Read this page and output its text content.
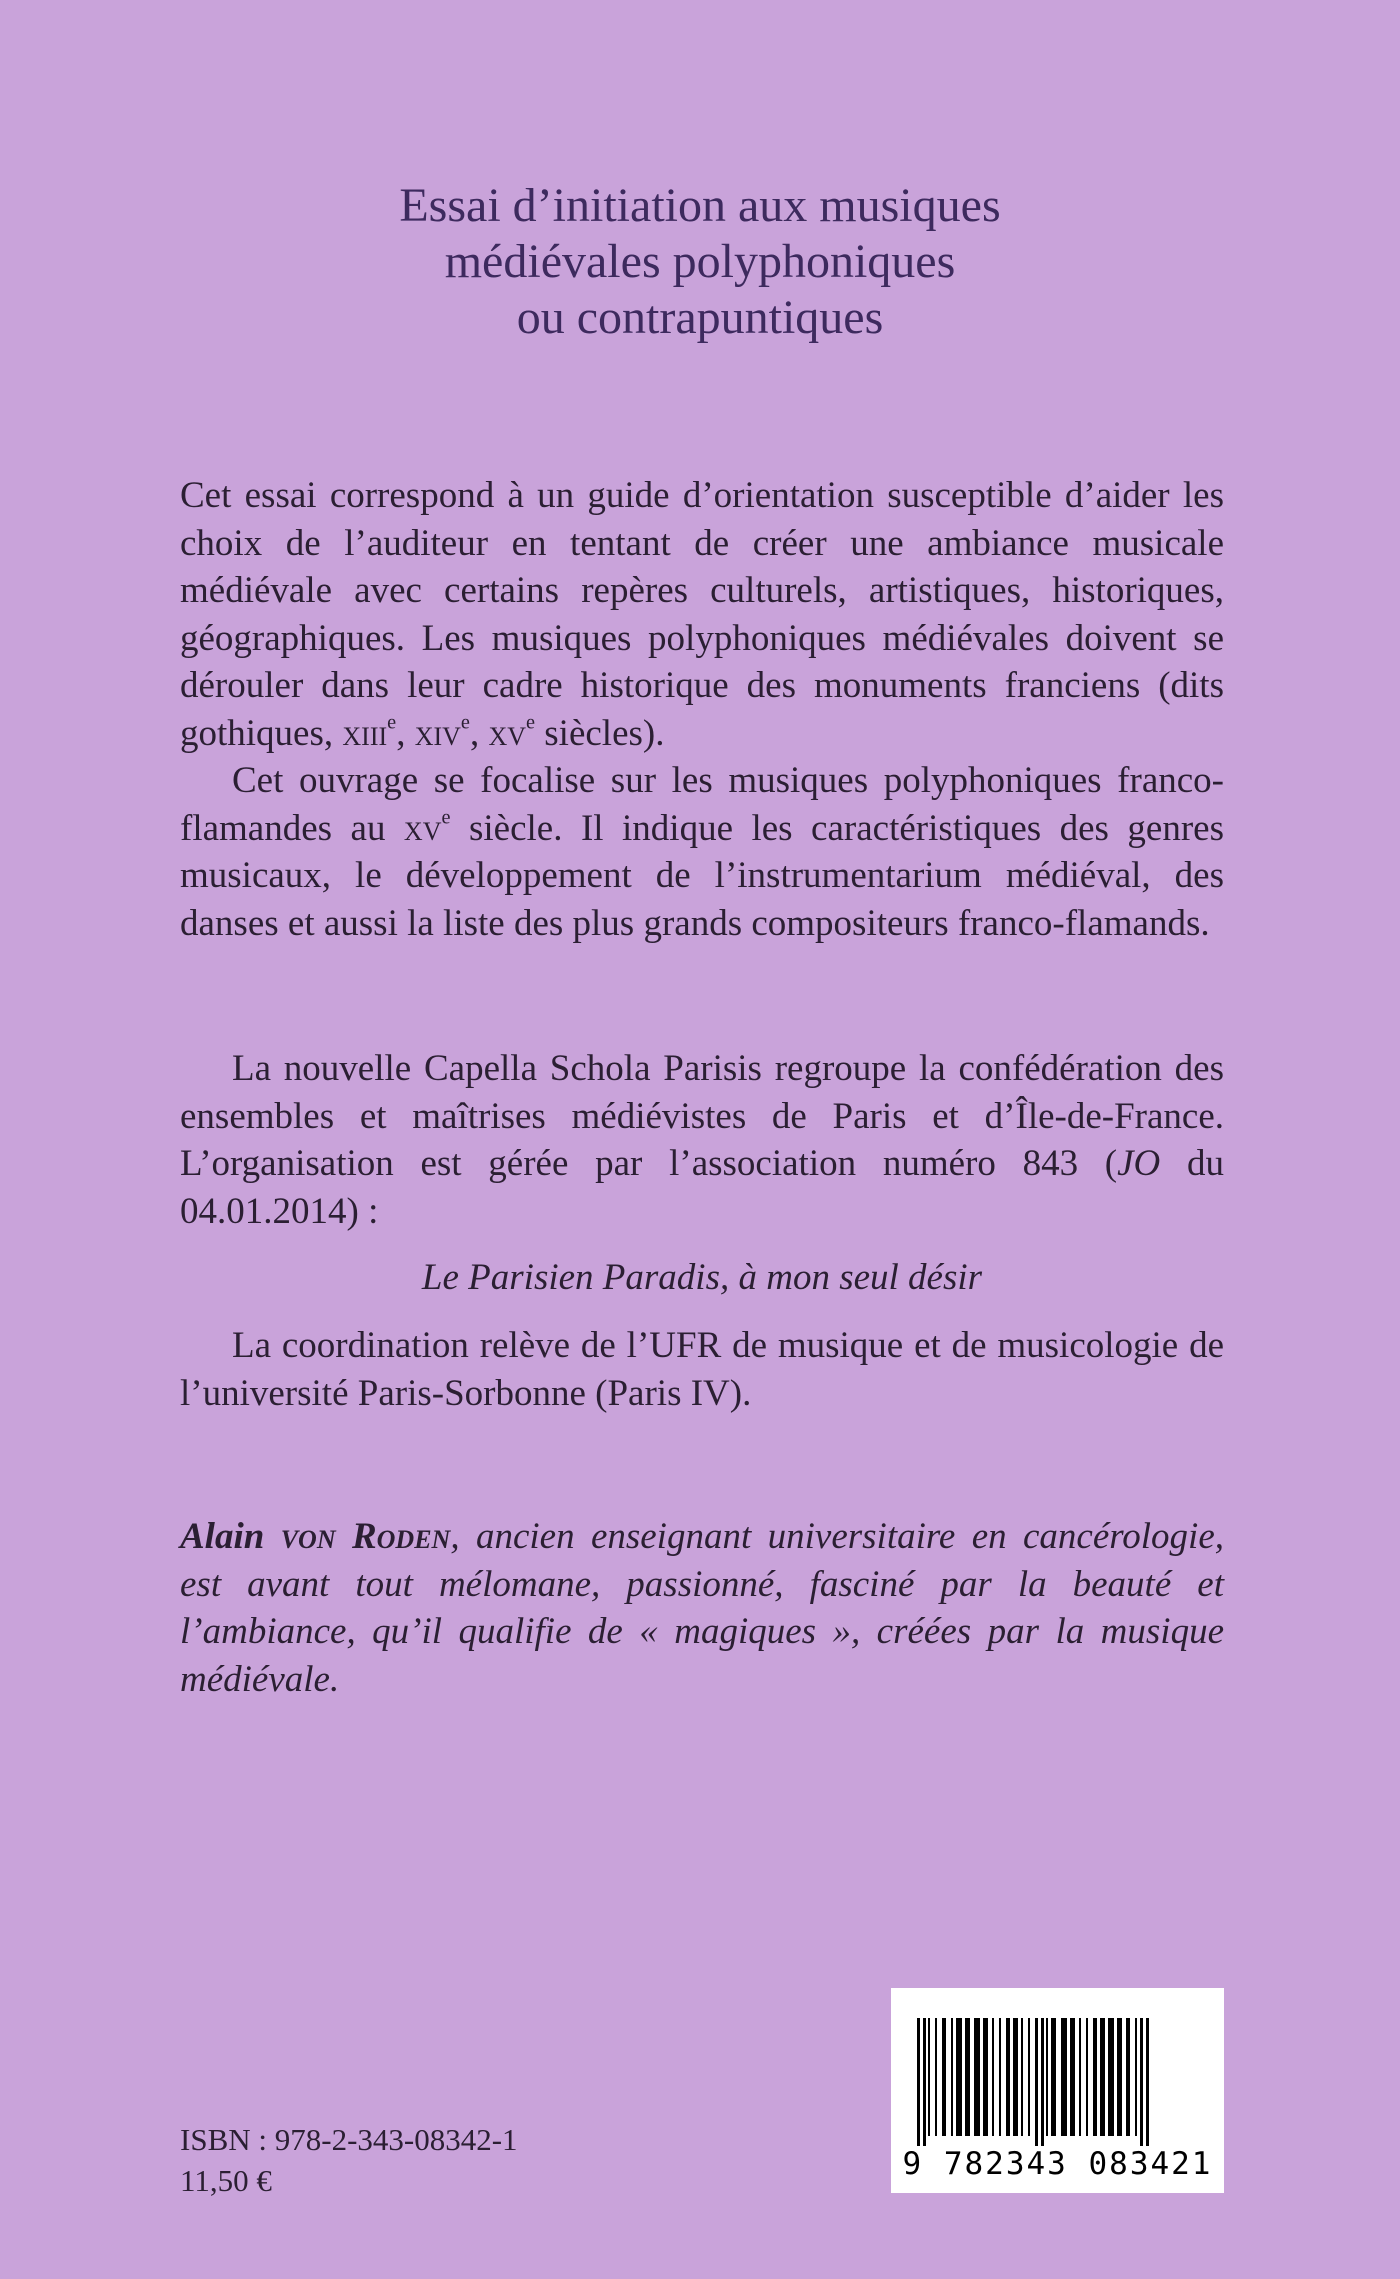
Essai d’initiation aux musiques
médiévales polyphoniques
ou contrapuntiques

Cet essai correspond à un guide d’orientation susceptible d’aider les choix de l’auditeur en tentant de créer une ambiance musicale médiévale avec certains repères culturels, artistiques, historiques, géographiques. Les musiques polyphoniques médiévales doivent se dérouler dans leur cadre historique des monuments franciens (dits gothiques, xiii$^e$, xiv$^e$, $xv^e$ siècles).

Cet ouvrage se focalise sur les musiques polyphoniques franco-flamandes au $xv^e$ siècle. Il indique les caractéristiques des genres musicaux, le développement de l’instrumentarium médiéval, des danses et aussi la liste des plus grands compositeurs franco-flamands.

La nouvelle Capella Schola Parisis regroupe la confédération des ensembles et maîtrises médiévistes de Paris et d’Île-de-France. L’organisation est gérée par l’association numéro 843 (JO du 04.01.2014) :

Le Parisien Paradis, à mon seul désir

La coordination relève de l’UFR de musique et de musicologie de l’université Paris-Sorbonne (Paris IV).

Alain von Roden, ancien enseignant universitaire en cancérologie, est avant tout mélomane, passionné, fasciné par la beauté et l’ambiance, qu’il qualifie de « magiques », créées par la musique médiévale.
ISBN : 978-2-343-08342-1
11,50 €	9 782343 083421
